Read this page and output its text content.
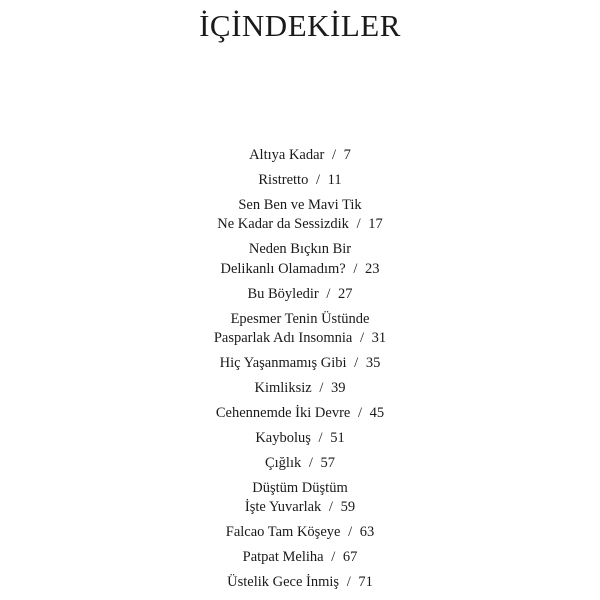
İÇİNDEKİLER
Altıya Kadar / 7
Ristretto / 11
Sen Ben ve Mavi Tik
Ne Kadar da Sessizdik / 17
Neden Bıçkın Bir
Delikanlı Olamadım? / 23
Bu Böyledir / 27
Epesmer Tenin Üstünde
Pasparlak Adı Insomnia / 31
Hiç Yaşanmamış Gibi / 35
Kimliksiz / 39
Cehennemde İki Devre / 45
Kayboluş / 51
Çığlık / 57
Düştüm Düştüm
İşte Yuvarlak / 59
Falcao Tam Köşeye / 63
Patpat Meliha / 67
Üstelik Gece İnmiş / 71
